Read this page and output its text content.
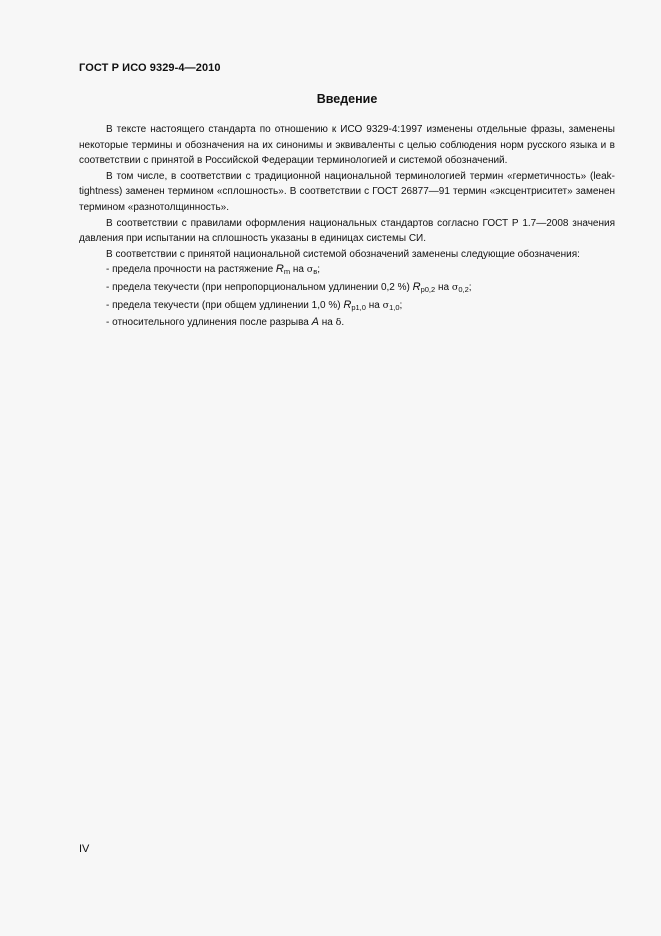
ГОСТ Р ИСО 9329-4—2010
Введение

В тексте настоящего стандарта по отношению к ИСО 9329-4:1997 изменены отдельные фразы, заменены некоторые термины и обозначения на их синонимы и эквиваленты с целью соблюдения норм русского языка и в соответствии с принятой в Российской Федерации терминологией и системой обозначений.

В том числе, в соответствии с традиционной национальной терминологией термин «герметичность» (leak-tightness) заменен термином «сплошность». В соответствии с ГОСТ 26877—91 термин «эксцентриситет» заменен термином «разнотолщинность».

В соответствии с правилами оформления национальных стандартов согласно ГОСТ Р 1.7—2008 значения давления при испытании на сплошность указаны в единицах системы СИ.

В соответствии с принятой национальной системой обозначений заменены следующие обозначения:

- предела прочности на растяжение $R_m$ на $\sigma_в$;
- предела текучести (при непропорциональном удлинении 0,2 %) $R_{p0,2}$ на $\sigma_{0,2}$;
- предела текучести (при общем удлинении 1,0 %) $R_{p1,0}$ на $\sigma_{1,0}$;
- относительного удлинения после разрыва A на δ.
IV
